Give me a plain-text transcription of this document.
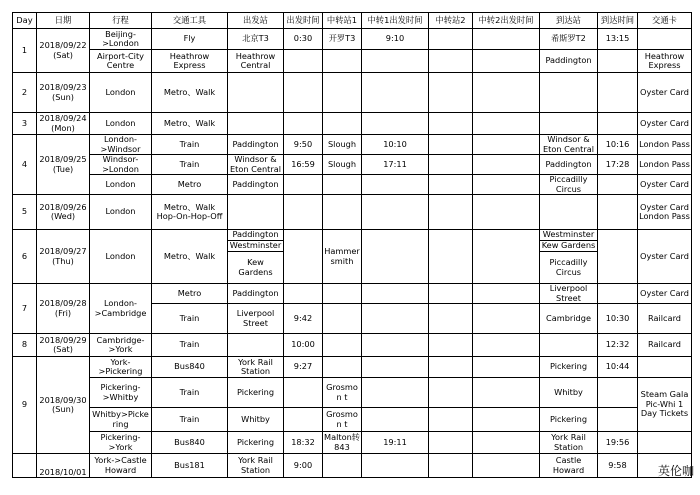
Day	日期	行程	交通工具	出发站	出发时间	中转站1	中转1出发时间	中转站2	中转2出发时间	到达站	到达时间	交通卡
1	2018/09/22 (Sat)	Beijing->London	Fly	北京T3	0:30	开罗T3	9:10			希斯罗T2	13:15	
		Airport-City Centre	Heathrow Express	Heathrow Central						Paddington		Heathrow Express
2	2018/09/23 (Sun)	London	Metro、Walk									Oyster Card
3	2018/09/24 (Mon)	London	Metro、Walk									Oyster Card
4	2018/09/25 (Tue)	London->Windsor	Train	Paddington	9:50	Slough	10:10			Windsor & Eton Central	10:16	London Pass
		Windsor->London	Train	Windsor & Eton Central	16:59	Slough	17:11			Paddington	17:28	London Pass
		London	Metro	Paddington						Piccadilly Circus		Oyster Card
5	2018/09/26 (Wed)	London	Metro、Walk Hop-On-Hop-Off									Oyster Card London Pass
6	2018/09/27 (Thu)	London	Metro、Walk	Paddington		Hammer smith				Westminster		Oyster Card
				Westminster						Kew Gardens		
				Kew Gardens						Piccadilly Circus		
7	2018/09/28 (Fri)	London->Cambridge	Metro	Paddington						Liverpool Street		Oyster Card
			Train	Liverpool Street	9:42					Cambridge	10:30	Railcard
8	2018/09/29 (Sat)	Cambridge->York	Train		10:00						12:32	Railcard
9	2018/09/30 (Sun)	York->Pickering	Bus840	York Rail Station	9:27					Pickering	10:44	
		Pickering->Whitby	Train	Pickering		Grosmon t				Whitby		Steam Gala Pic-Whi 1 Day Tickets
		Whitby>Pickering	Train	Whitby		Grosmon t				Pickering		
		Pickering->York	Bus840	Pickering	18:32	Malton转 843	19:11			York Rail Station	19:56	
	2018/10/01	York->Castle Howard	Bus181	York Rail Station	9:00					Castle Howard	9:58		英伦咖
